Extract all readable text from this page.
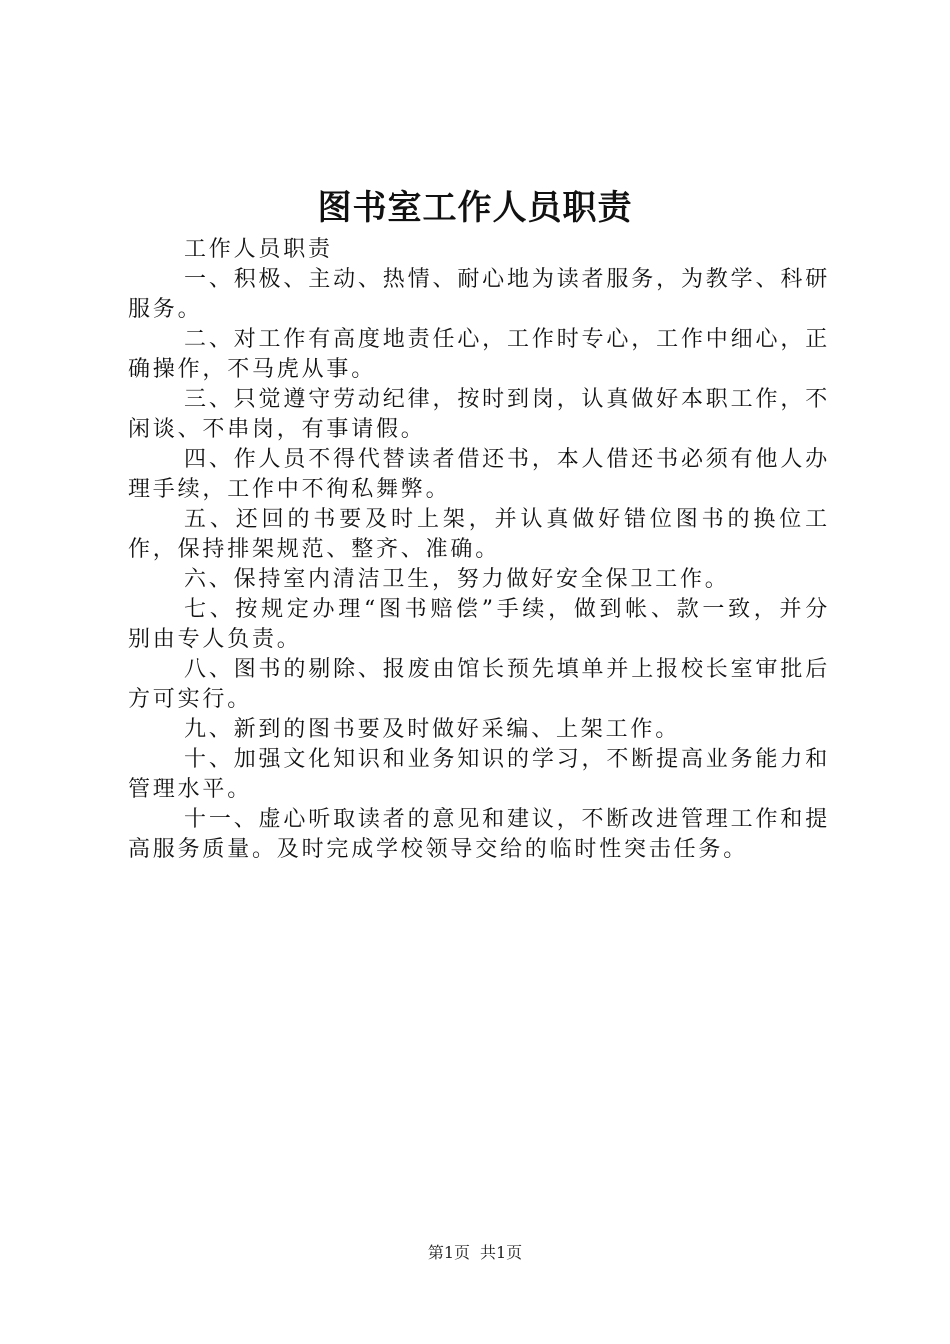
图书室工作人员职责

工作人员职责

一、积极、主动、热情、耐心地为读者服务，为教学、科研服务。

二、对工作有高度地责任心，工作时专心，工作中细心，正确操作，不马虎从事。

三、只觉遵守劳动纪律，按时到岗，认真做好本职工作，不闲谈、不串岗，有事请假。

四、作人员不得代替读者借还书，本人借还书必须有他人办理手续，工作中不徇私舞弊。

五、还回的书要及时上架，并认真做好错位图书的换位工作，保持排架规范、整齐、准确。

六、保持室内清洁卫生，努力做好安全保卫工作。

七、按规定办理“图书赔偿”手续，做到帐、款一致，并分别由专人负责。

八、图书的剔除、报废由馆长预先填单并上报校长室审批后方可实行。

九、新到的图书要及时做好采编、上架工作。

十、加强文化知识和业务知识的学习，不断提高业务能力和管理水平。

十一、虚心听取读者的意见和建议，不断改进管理工作和提高服务质量。及时完成学校领导交给的临时性突击任务。

第1页 共1页
